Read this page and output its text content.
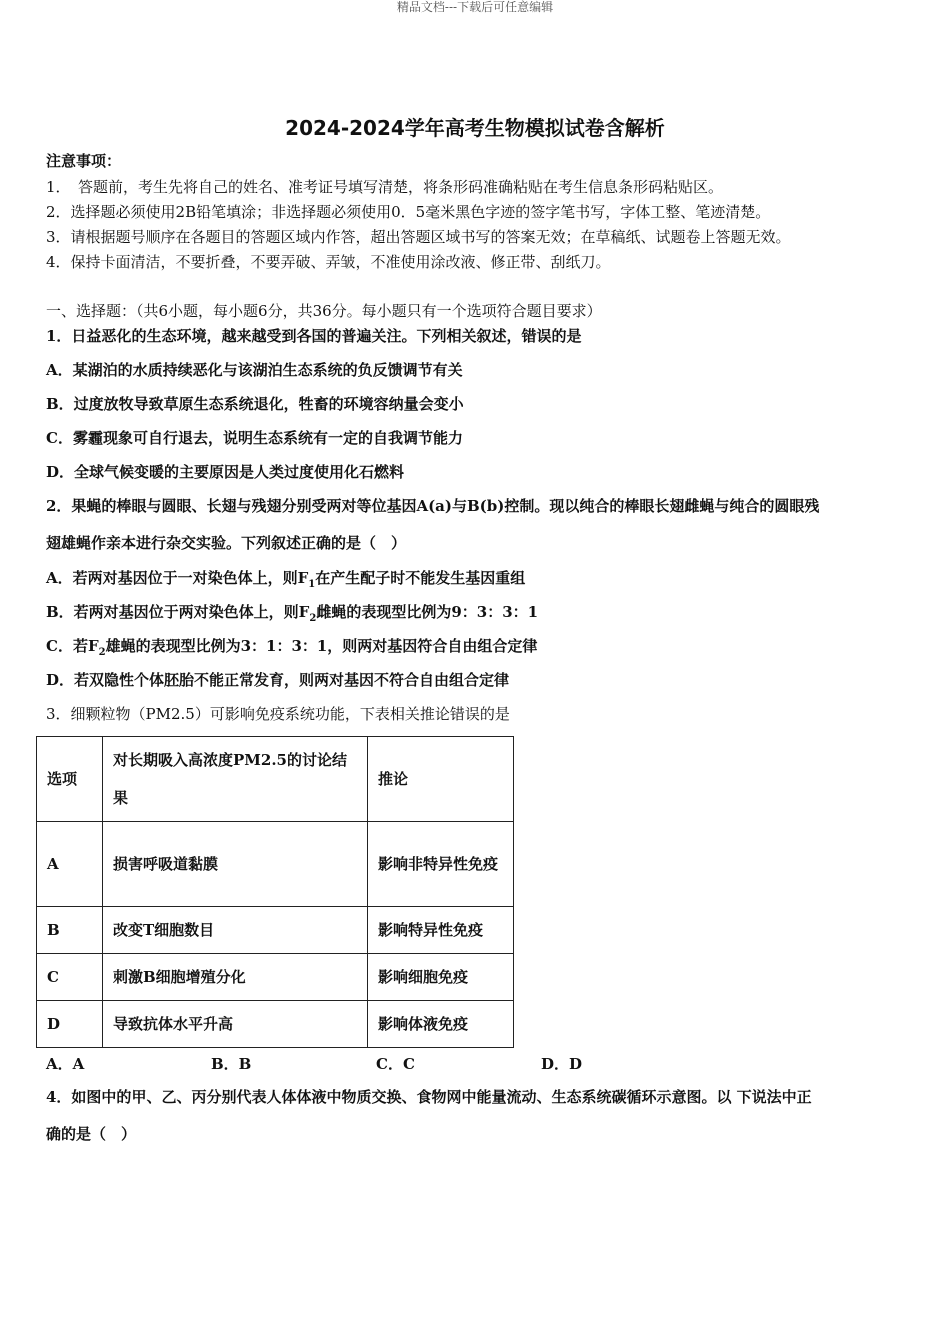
精品文档---下载后可任意编辑
2024-2024学年高考生物模拟试卷含解析
注意事项：
1．　答题前，考生先将自己的姓名、准考证号填写清楚，将条形码准确粘贴在考生信息条形码粘贴区。
2．选择题必须使用2B铅笔填涂；非选择题必须使用0．5毫米黑色字迹的签字笔书写，字体工整、笔迹清楚。
3．请根据题号顺序在各题目的答题区域内作答，超出答题区域书写的答案无效；在草稿纸、试题卷上答题无效。
4．保持卡面清洁，不要折叠，不要弄破、弄皱，不准使用涂改液、修正带、刮纸刀。
一、选择题：（共6小题，每小题6分，共36分。每小题只有一个选项符合题目要求）
1．日益恶化的生态环境，越来越受到各国的普遍关注。下列相关叙述，错误的是
A．某湖泊的水质持续恶化与该湖泊生态系统的负反馈调节有关
B．过度放牧导致草原生态系统退化，牲畜的环境容纳量会变小
C．雾霾现象可自行退去，说明生态系统有一定的自我调节能力
D．全球气候变暖的主要原因是人类过度使用化石燃料
2．果蝇的棒眼与圆眼、长翅与残翅分别受两对等位基因A(a)与B(b)控制。现以纯合的棒眼长翅雌蝇与纯合的圆眼残
翅雄蝇作亲本进行杂交实验。下列叙述正确的是（　）
A．若两对基因位于一对染色体上，则$F_1$在产生配子时不能发生基因重组
B．若两对基因位于两对染色体上，则$F_2$雌蝇的表现型比例为9：3：3：1
C．若$F_2$雄蝇的表现型比例为3：1：3：1，则两对基因符合自由组合定律
D．若双隐性个体胚胎不能正常发育，则两对基因不符合自由组合定律
3．细颗粒物（PM2.5）可影响免疫系统功能，下表相关推论错误的是
选项	对长期吸入高浓度PM2.5的讨论结果	推论
A	损害呼吸道黏膜	影响非特异性免疫
B	改变T细胞数目	影响特异性免疫
C	刺激B细胞增殖分化	影响细胞免疫
D	导致抗体水平升高	影响体液免疫
A．A	B．B	C．C	D．D
4．如图中的甲、乙、丙分别代表人体体液中物质交换、食物网中能量流动、生态系统碳循环示意图。以 下说法中正
确的是（　）
